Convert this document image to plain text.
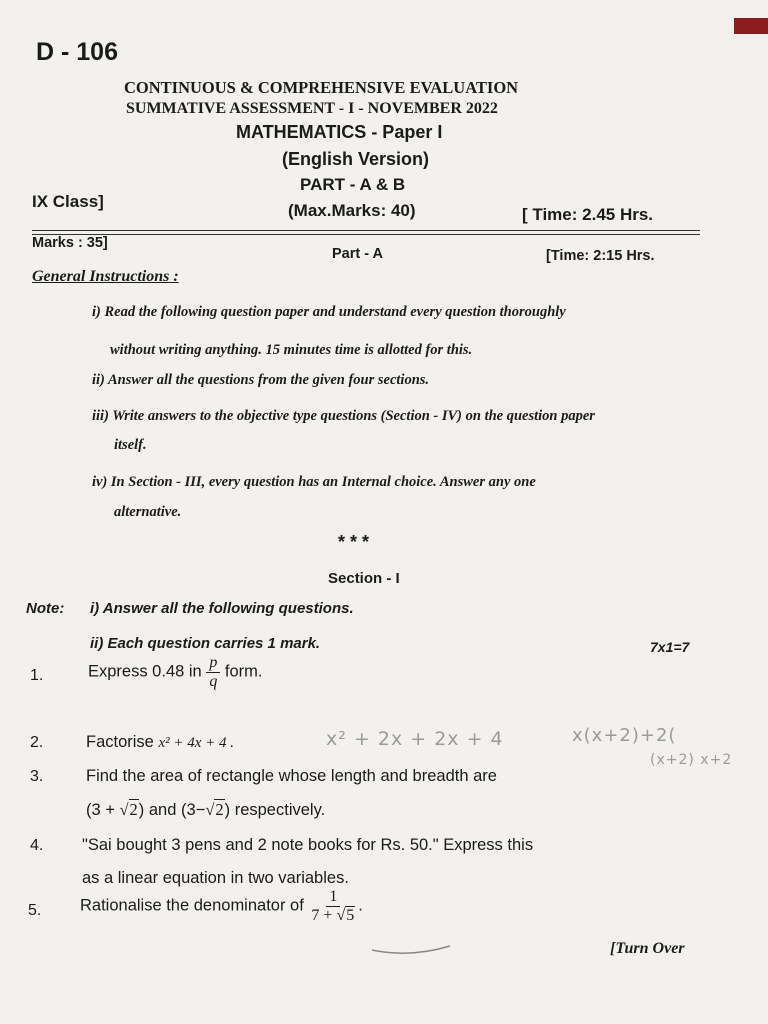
D - 106
CONTINUOUS & COMPREHENSIVE EVALUATION
SUMMATIVE ASSESSMENT - I - NOVEMBER 2022
MATHEMATICS - Paper I
(English Version)
PART - A & B
IX Class]	(Max.Marks: 40)	[ Time: 2.45 Hrs.
Marks : 35]
Part - A	[Time: 2:15 Hrs.
General Instructions :
i) Read the following question paper and understand every question thoroughly
without writing anything. 15 minutes time is allotted for this.
ii) Answer all the questions from the given four sections.
iii) Write answers to the objective type questions (Section - IV) on the question paper
itself.
iv) In Section - III, every question has an Internal choice. Answer any one
alternative.
* * *
Section - I
Note: i) Answer all the following questions.
ii) Each question carries 1 mark.	7x1=7
1.	Express 0.48 in $\frac{p}{q}$ form.
2.	Factorise x² + 4x + 4 .	x² + 2x + 2x + 4	x(x+2)+2(
(x+2) x+2
3.	Find the area of rectangle whose length and breadth are
(3 + √2) and (3−√2) respectively.
4. "Sai bought 3 pens and 2 note books for Rs. 50." Express this
as a linear equation in two variables.
5. Rationalise the denominator of $\frac{1}{7 + √5}$ .
[Turn Over
